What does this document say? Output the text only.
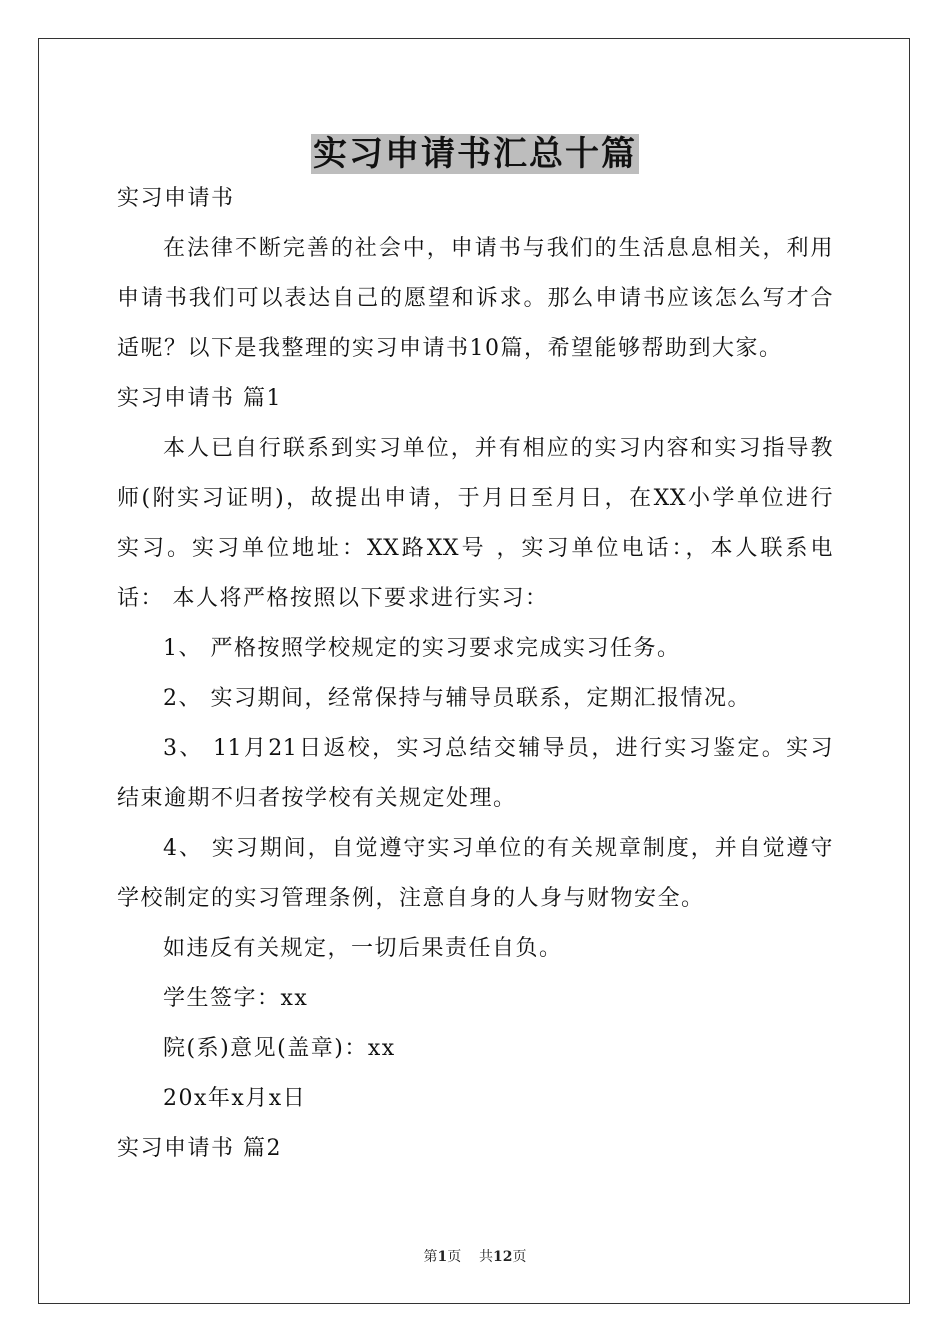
实习申请书汇总十篇
实习申请书
在法律不断完善的社会中，申请书与我们的生活息息相关，利用
申请书我们可以表达自己的愿望和诉求。那么申请书应该怎么写才合
适呢？以下是我整理的实习申请书10篇，希望能够帮助到大家。
实习申请书 篇1
本人已自行联系到实习单位，并有相应的实习内容和实习指导教
师(附实习证明)，故提出申请，于月日至月日，在XX小学单位进行
实习。实习单位地址：XX路XX号 ，实习单位电话：，本人联系电
话： 本人将严格按照以下要求进行实习：
1、 严格按照学校规定的实习要求完成实习任务。
2、 实习期间，经常保持与辅导员联系，定期汇报情况。
3、 11月21日返校，实习总结交辅导员，进行实习鉴定。实习
结束逾期不归者按学校有关规定处理。
4、 实习期间，自觉遵守实习单位的有关规章制度，并自觉遵守
学校制定的实习管理条例，注意自身的人身与财物安全。
如违反有关规定，一切后果责任自负。
学生签字：xx
院(系)意见(盖章)：xx
20x年x月x日
实习申请书 篇2
第1页 共12页
